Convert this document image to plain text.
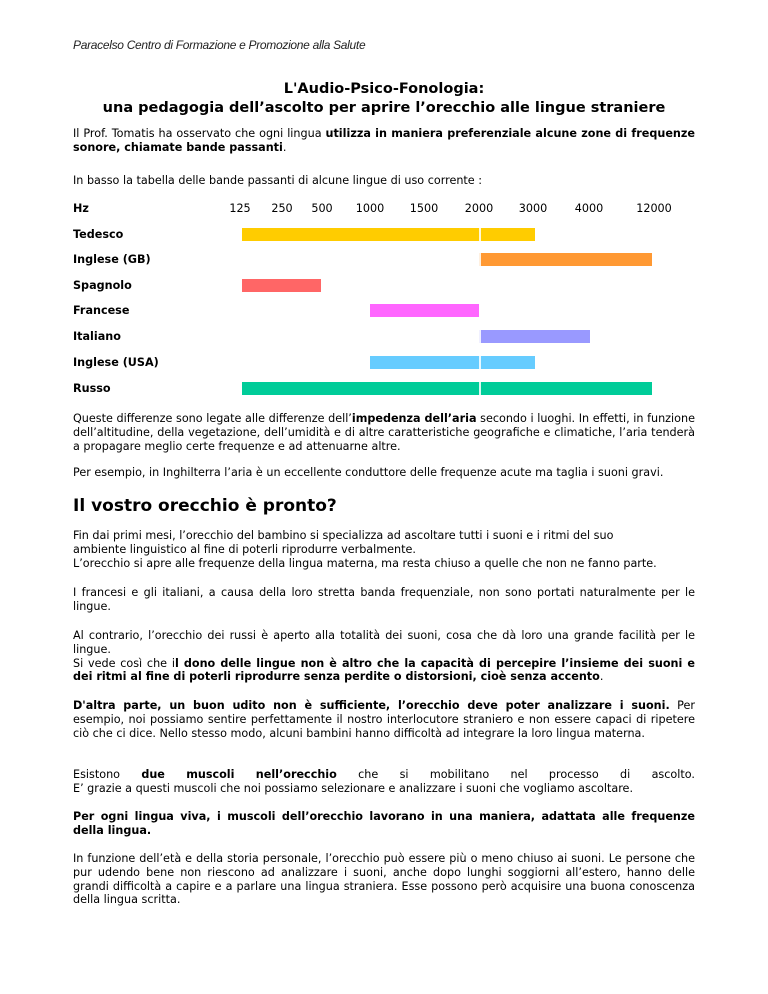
Paracelso Centro di Formazione e Promozione alla Salute
L'Audio-Psico-Fonologia:
una pedagogia dell’ascolto per aprire l’orecchio alle lingue straniere

Il Prof. Tomatis ha osservato che ogni lingua utilizza in maniera preferenziale alcune zone di frequenze sonore, chiamate bande passanti.

In basso la tabella delle bande passanti di alcune lingue di uso corrente :

Hz	125 250 500 1000 1500 2000 3000 4000	12000
Tedesco
Inglese (GB)
Spagnolo
Francese
Italiano
Inglese (USA)
Russo

Queste differenze sono legate alle differenze dell’impedenza dell’aria secondo i luoghi. In effetti, in funzione dell’altitudine, della vegetazione, dell’umidità e di altre caratteristiche geografiche e climatiche, l’aria tenderà a propagare meglio certe frequenze e ad attenuarne altre.

Per esempio, in Inghilterra l’aria è un eccellente conduttore delle frequenze acute ma taglia i suoni gravi.

Il vostro orecchio è pronto?
Fin dai primi mesi, l’orecchio del bambino si specializza ad ascoltare tutti i suoni e i ritmi del suo
ambiente linguistico al fine di poterli riprodurre verbalmente.
L’orecchio si apre alle frequenze della lingua materna, ma resta chiuso a quelle che non ne fanno parte.

I francesi e gli italiani, a causa della loro stretta banda frequenziale, non sono portati naturalmente per le lingue.

Al contrario, l’orecchio dei russi è aperto alla totalità dei suoni, cosa che dà loro una grande facilità per le lingue.
Si vede così che il dono delle lingue non è altro che la capacità di percepire l’insieme dei suoni e dei ritmi al fine di poterli riprodurre senza perdite o distorsioni, cioè senza accento.

D'altra parte, un buon udito non è sufficiente, l’orecchio deve poter analizzare i suoni. Per esempio, noi possiamo sentire perfettamente il nostro interlocutore straniero e non essere capaci di ripetere ciò che ci dice. Nello stesso modo, alcuni bambini hanno difficoltà ad integrare la loro lingua materna.

Esistono due muscoli nell’orecchio che si mobilitano nel processo di ascolto.
E’ grazie a questi muscoli che noi possiamo selezionare e analizzare i suoni che vogliamo ascoltare.

Per ogni lingua viva, i muscoli dell’orecchio lavorano in una maniera, adattata alle frequenze della lingua.

In funzione dell’età e della storia personale, l’orecchio può essere più o meno chiuso ai suoni. Le persone che pur udendo bene non riescono ad analizzare i suoni, anche dopo lunghi soggiorni all’estero, hanno delle grandi difficoltà a capire e a parlare una lingua straniera. Esse possono però acquisire una buona conoscenza della lingua scritta.
